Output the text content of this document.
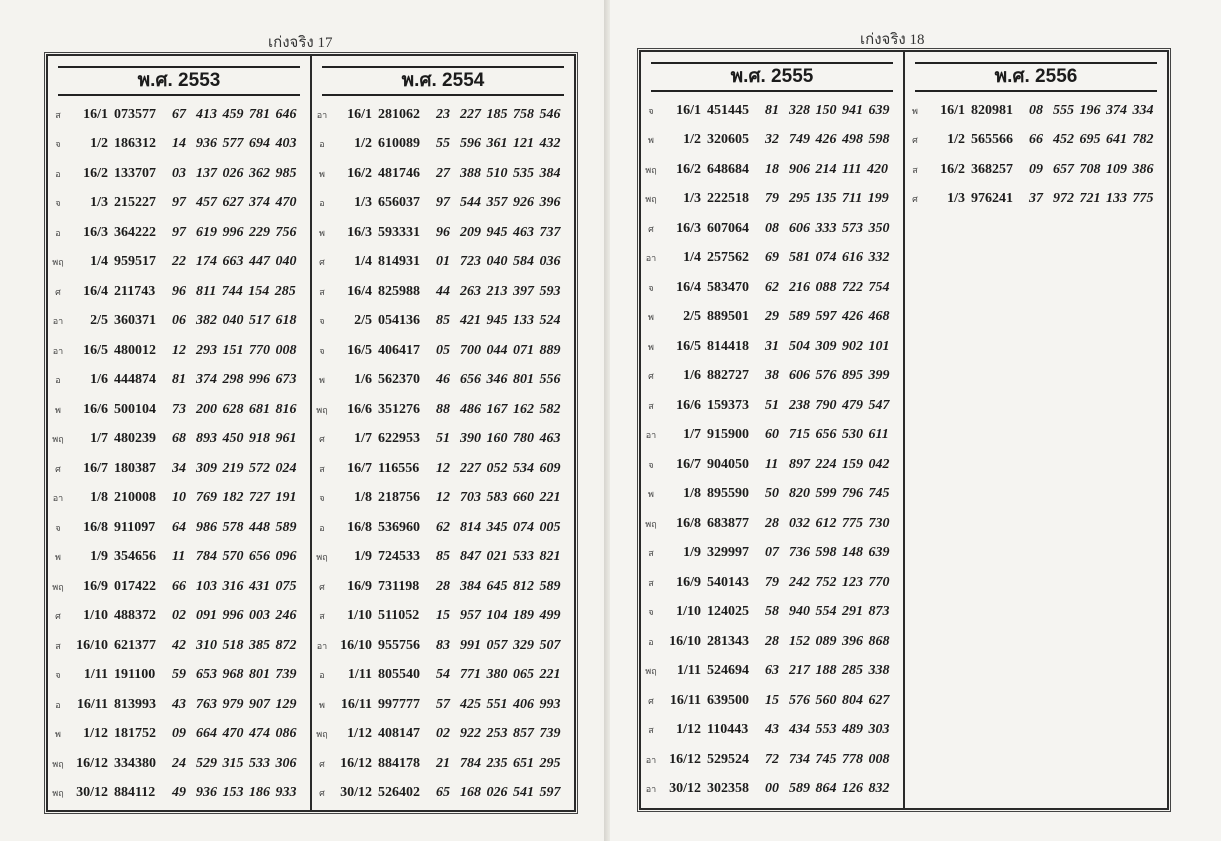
เก่งจริง 17	เก่งจริง 18
พ.ศ. 2553
ส	16/1 073577	67 413 459 781 646
จ	1/2 186312	14 936 577 694 403
อ	16/2 133707	03 137 026 362 985
จ	1/3 215227	97 457 627 374 470
อ	16/3 364222	97 619 996 229 756
พฤ	1/4 959517	22 174 663 447 040
ศ	16/4 211743	96 811 744 154 285
อา	2/5 360371	06 382 040 517 618
อา	16/5 480012	12 293 151 770 008
อ	1/6 444874	81 374 298 996 673
พ	16/6 500104	73 200 628 681 816
พฤ	1/7 480239	68 893 450 918 961
ศ	16/7 180387	34 309 219 572 024
อา	1/8 210008	10 769 182 727 191
จ	16/8 911097	64 986 578 448 589
พ	1/9 354656	11 784 570 656 096
พฤ	16/9 017422	66 103 316 431 075
ศ	1/10 488372	02 091 996 003 246
ส	16/10 621377	42 310 518 385 872
จ	1/11 191100	59 653 968 801 739
อ	16/11 813993	43 763 979 907 129
พ	1/12 181752	09 664 470 474 086
พฤ 16/12 334380	24 529 315 533 306
พฤ 30/12 884112	49 936 153 186 933
พ.ศ. 2554
อา	16/1 281062	23 227 185 758 546
อ	1/2 610089	55 596 361 121 432
พ	16/2 481746	27 388 510 535 384
อ	1/3 656037	97 544 357 926 396
พ	16/3 593331	96 209 945 463 737
ศ	1/4 814931	01 723 040 584 036
ส	16/4 825988	44 263 213 397 593
จ	2/5 054136	85 421 945 133 524
จ	16/5 406417	05 700 044 071 889
พ	1/6 562370	46 656 346 801 556
พฤ	16/6 351276	88 486 167 162 582
ศ	1/7 622953	51 390 160 780 463
ส	16/7 116556	12 227 052 534 609
จ	1/8 218756	12 703 583 660 221
อ	16/8 536960	62 814 345 074 005
พฤ	1/9 724533	85 847 021 533 821
ศ	16/9 731198	28 384 645 812 589
ส	1/10 511052	15 957 104 189 499
อา 16/10 955756	83 991 057 329 507
อ	1/11 805540	54 771 380 065 221
พ	16/11 997777	57 425 551 406 993
พฤ	1/12 408147	02 922 253 857 739
ศ	16/12 884178	21 784 235 651 295
ศ	30/12 526402	65 168 026 541 597
พ.ศ. 2555
จ	16/1 451445	81 328 150 941 639
พ	1/2 320605	32 749 426 498 598
พฤ	16/2 648684	18 906 214 111 420
พฤ	1/3 222518	79 295 135 711 199
ศ	16/3 607064	08 606 333 573 350
อา	1/4 257562	69 581 074 616 332
จ	16/4 583470	62 216 088 722 754
พ	2/5 889501	29 589 597 426 468
พ	16/5 814418	31 504 309 902 101
ศ	1/6 882727	38 606 576 895 399
ส	16/6 159373	51 238 790 479 547
อา	1/7 915900	60 715 656 530 611
จ	16/7 904050	11 897 224 159 042
พ	1/8 895590	50 820 599 796 745
พฤ	16/8 683877	28 032 612 775 730
ส	1/9 329997	07 736 598 148 639
ส	16/9 540143	79 242 752 123 770
จ	1/10 124025	58 940 554 291 873
อ	16/10 281343	28 152 089 396 868
พฤ	1/11 524694	63 217 188 285 338
ศ	16/11 639500	15 576 560 804 627
ส	1/12 110443	43 434 553 489 303
อา 16/12 529524	72 734 745 778 008
อา 30/12 302358	00 589 864 126 832
พ.ศ. 2556
พ	16/1 820981	08 555 196 374 334
ศ	1/2 565566	66 452 695 641 782
ส	16/2 368257	09 657 708 109 386
ศ	1/3 976241	37 972 721 133 775
